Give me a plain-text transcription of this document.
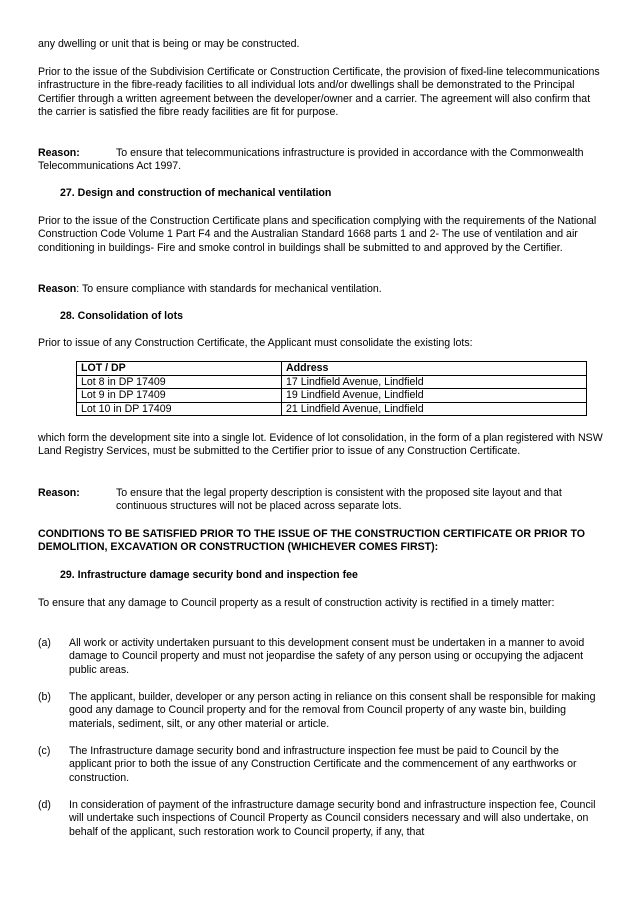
any dwelling or unit that is being or may be constructed.

Prior to the issue of the Subdivision Certificate or Construction Certificate, the provision of fixed-line telecommunications infrastructure in the fibre-ready facilities to all individual lots and/or dwellings shall be demonstrated to the Principal Certifier through a written agreement between the developer/owner and a carrier. The agreement will also confirm that the carrier is satisfied the fibre ready facilities are fit for purpose.

Reason:	To ensure that telecommunications infrastructure is provided in accordance with the Commonwealth Telecommunications Act 1997.

27. Design and construction of mechanical ventilation

Prior to the issue of the Construction Certificate plans and specification complying with the requirements of the National Construction Code Volume 1 Part F4 and the Australian Standard 1668 parts 1 and 2- The use of ventilation and air conditioning in buildings- Fire and smoke control in buildings shall be submitted to and approved by the Certifier.

Reason: To ensure compliance with standards for mechanical ventilation.

28. Consolidation of lots

Prior to issue of any Construction Certificate, the Applicant must consolidate the existing lots:

LOT / DP	Address
Lot 8 in DP 17409	17 Lindfield Avenue, Lindfield
Lot 9 in DP 17409	19 Lindfield Avenue, Lindfield
Lot 10 in DP 17409	21 Lindfield Avenue, Lindfield

which form the development site into a single lot. Evidence of lot consolidation, in the form of a plan registered with NSW Land Registry Services, must be submitted to the Certifier prior to issue of any Construction Certificate.

Reason:	To ensure that the legal property description is consistent with the proposed site layout and that continuous structures will not be placed across separate lots.

CONDITIONS TO BE SATISFIED PRIOR TO THE ISSUE OF THE CONSTRUCTION CERTIFICATE OR PRIOR TO DEMOLITION, EXCAVATION OR CONSTRUCTION (WHICHEVER COMES FIRST):

29. Infrastructure damage security bond and inspection fee

To ensure that any damage to Council property as a result of construction activity is rectified in a timely matter:

(a) All work or activity undertaken pursuant to this development consent must be undertaken in a manner to avoid damage to Council property and must not jeopardise the safety of any person using or occupying the adjacent public areas.

(b) The applicant, builder, developer or any person acting in reliance on this consent shall be responsible for making good any damage to Council property and for the removal from Council property of any waste bin, building materials, sediment, silt, or any other material or article.

(c) The Infrastructure damage security bond and infrastructure inspection fee must be paid to Council by the applicant prior to both the issue of any Construction Certificate and the commencement of any earthworks or construction.

(d) In consideration of payment of the infrastructure damage security bond and infrastructure inspection fee, Council will undertake such inspections of Council Property as Council considers necessary and will also undertake, on behalf of the applicant, such restoration work to Council property, if any, that
